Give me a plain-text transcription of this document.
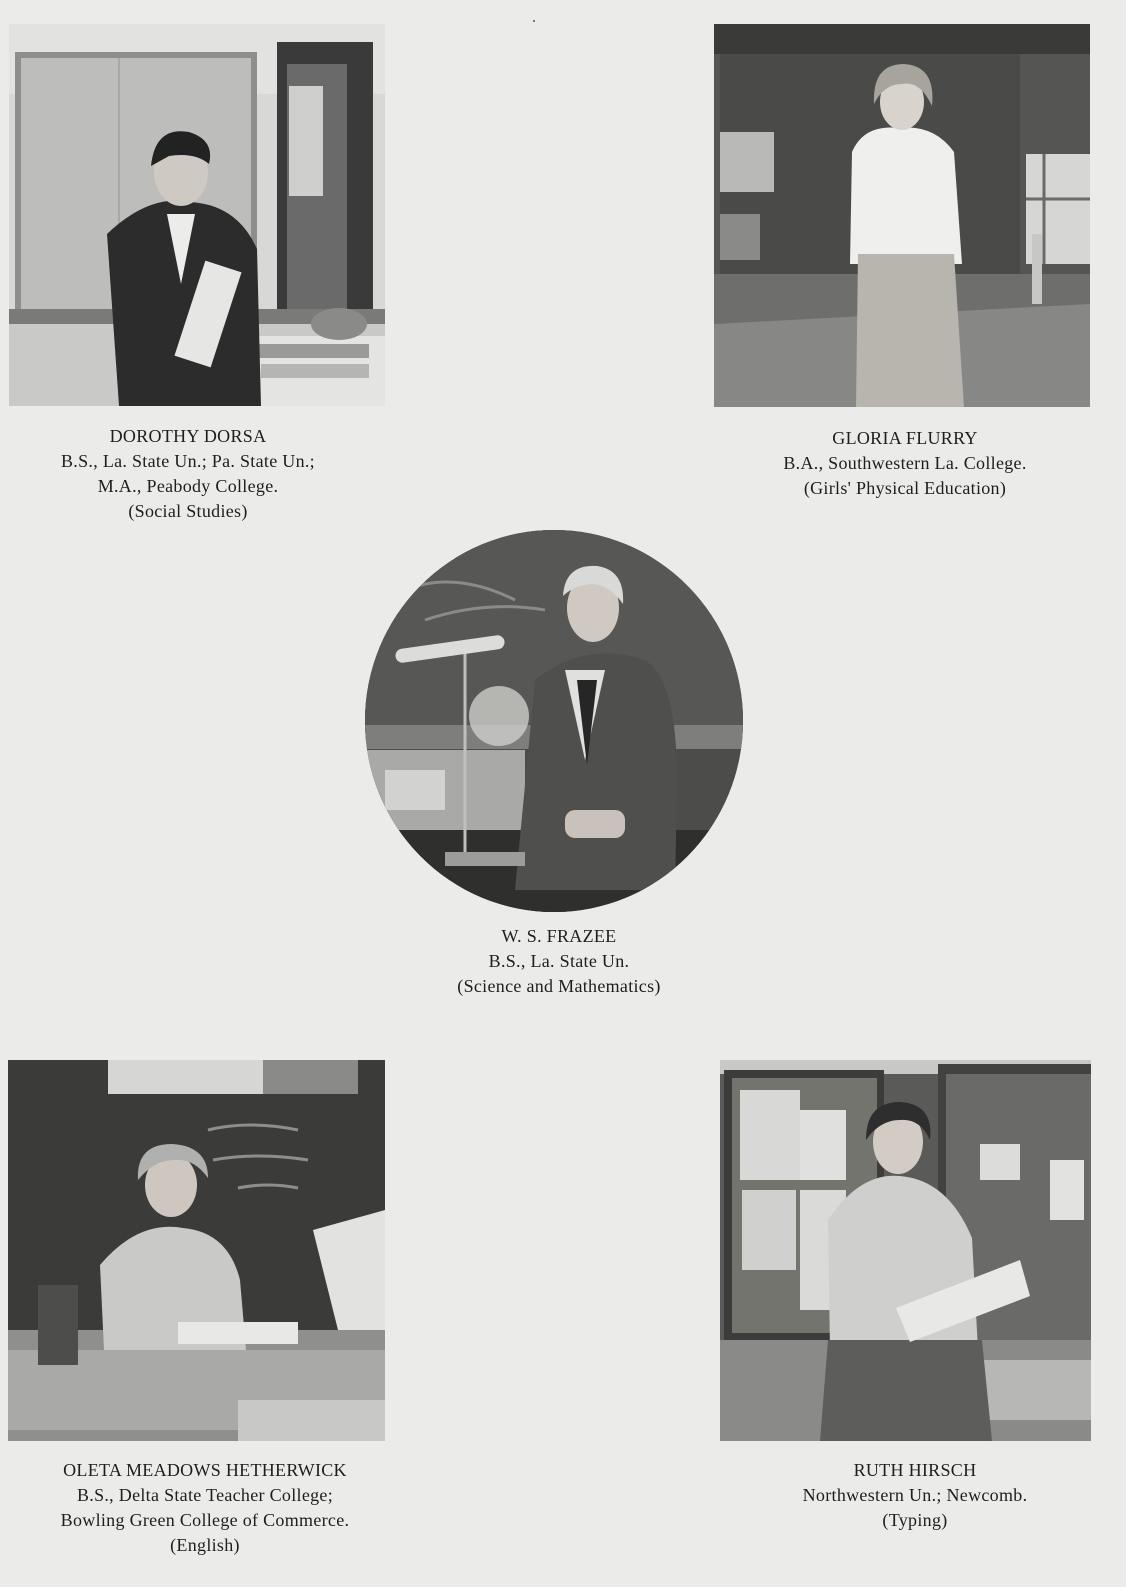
DOROTHY DORSA
B.S., La. State Un.; Pa. State Un.;
M.A., Peabody College.
(Social Studies)
GLORIA FLURRY
B.A., Southwestern La. College.
(Girls' Physical Education)
W. S. FRAZEE
B.S., La. State Un.
(Science and Mathematics)
OLETA MEADOWS HETHERWICK
B.S., Delta State Teacher College;
Bowling Green College of Commerce.
(English)
RUTH HIRSCH
Northwestern Un.; Newcomb.
(Typing)
